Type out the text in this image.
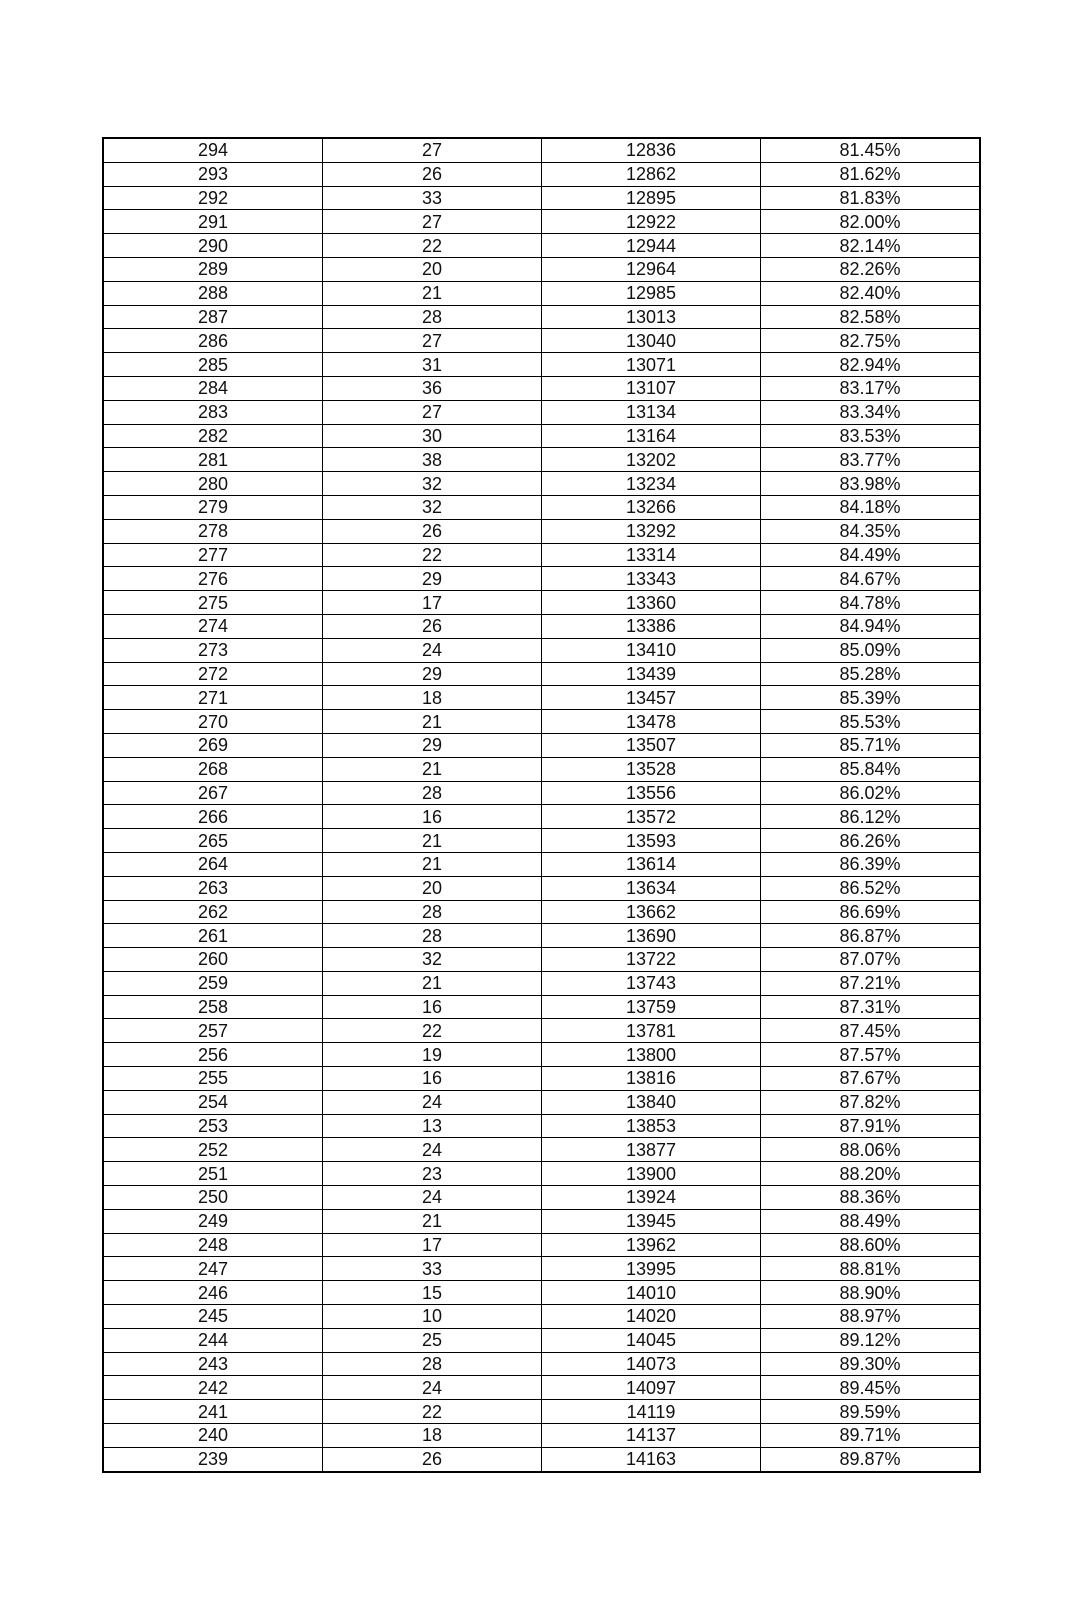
294	27	12836	81.45%
293	26	12862	81.62%
292	33	12895	81.83%
291	27	12922	82.00%
290	22	12944	82.14%
289	20	12964	82.26%
288	21	12985	82.40%
287	28	13013	82.58%
286	27	13040	82.75%
285	31	13071	82.94%
284	36	13107	83.17%
283	27	13134	83.34%
282	30	13164	83.53%
281	38	13202	83.77%
280	32	13234	83.98%
279	32	13266	84.18%
278	26	13292	84.35%
277	22	13314	84.49%
276	29	13343	84.67%
275	17	13360	84.78%
274	26	13386	84.94%
273	24	13410	85.09%
272	29	13439	85.28%
271	18	13457	85.39%
270	21	13478	85.53%
269	29	13507	85.71%
268	21	13528	85.84%
267	28	13556	86.02%
266	16	13572	86.12%
265	21	13593	86.26%
264	21	13614	86.39%
263	20	13634	86.52%
262	28	13662	86.69%
261	28	13690	86.87%
260	32	13722	87.07%
259	21	13743	87.21%
258	16	13759	87.31%
257	22	13781	87.45%
256	19	13800	87.57%
255	16	13816	87.67%
254	24	13840	87.82%
253	13	13853	87.91%
252	24	13877	88.06%
251	23	13900	88.20%
250	24	13924	88.36%
249	21	13945	88.49%
248	17	13962	88.60%
247	33	13995	88.81%
246	15	14010	88.90%
245	10	14020	88.97%
244	25	14045	89.12%
243	28	14073	89.30%
242	24	14097	89.45%
241	22	14119	89.59%
240	18	14137	89.71%
239	26	14163	89.87%
